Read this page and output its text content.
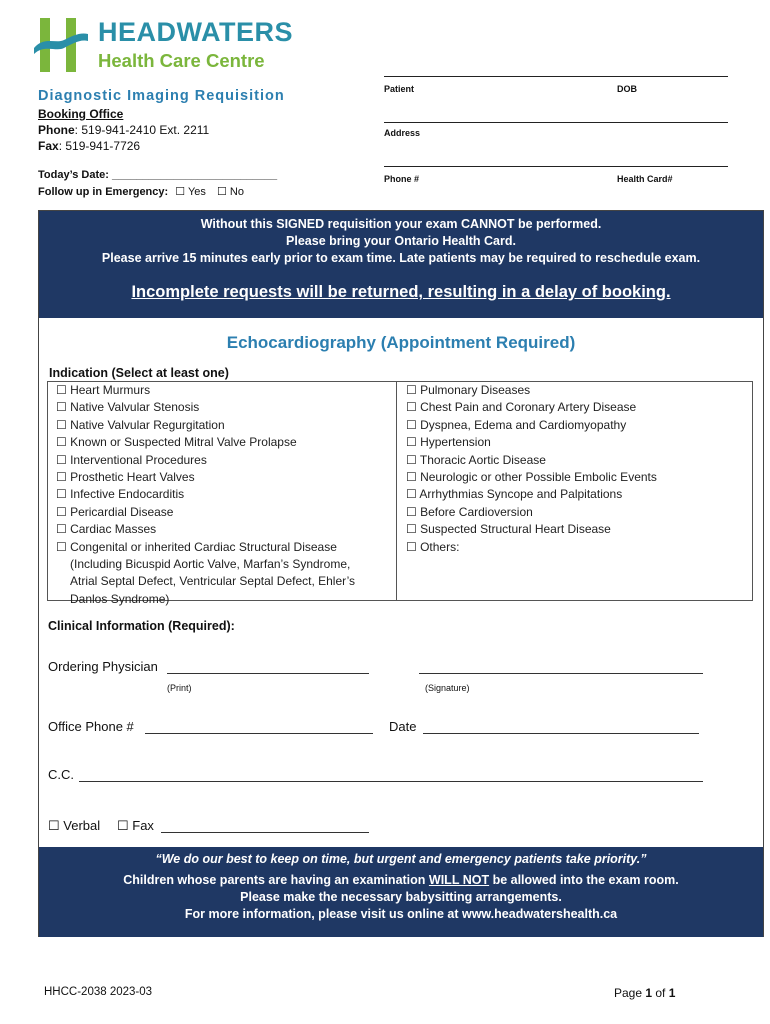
HEADWATERS
Health Care Centre
Diagnostic Imaging Requisition
Booking Office
Phone: 519-941-2410 Ext. 2211
Fax: 519-941-7726
Today’s Date: ___________________________
Follow up in Emergency: ☐ Yes ☐ No
Patient	DOB
Address
Phone #	Health Card#
Without this SIGNED requisition your exam CANNOT be performed.
Please bring your Ontario Health Card.
Please arrive 15 minutes early prior to exam time. Late patients may be required to reschedule exam.
Incomplete requests will be returned, resulting in a delay of booking.
Echocardiography (Appointment Required)
Indication (Select at least one)
☐ Heart Murmurs
☐ Native Valvular Stenosis
☐ Native Valvular Regurgitation
☐ Known or Suspected Mitral Valve Prolapse
☐ Interventional Procedures
☐ Prosthetic Heart Valves
☐ Infective Endocarditis
☐ Pericardial Disease
☐ Cardiac Masses
☐ Congenital or inherited Cardiac Structural Disease
(Including Bicuspid Aortic Valve, Marfan’s Syndrome,
Atrial Septal Defect, Ventricular Septal Defect, Ehler’s
Danlos Syndrome)
☐ Pulmonary Diseases
☐ Chest Pain and Coronary Artery Disease
☐ Dyspnea, Edema and Cardiomyopathy
☐ Hypertension
☐ Thoracic Aortic Disease
☐ Neurologic or other Possible Embolic Events
☐ Arrhythmias Syncope and Palpitations
☐ Before Cardioversion
☐ Suspected Structural Heart Disease
☐ Others:
Clinical Information (Required):
Ordering Physician
(Print)	(Signature)
Office Phone #	Date
C.C.
☐ Verbal ☐ Fax
“We do our best to keep on time, but urgent and emergency patients take priority.”
Children whose parents are having an examination WILL NOT be allowed into the exam room.
Please make the necessary babysitting arrangements.
For more information, please visit us online at www.headwatershealth.ca
HHCC-2038 2023-03	Page 1 of 1
